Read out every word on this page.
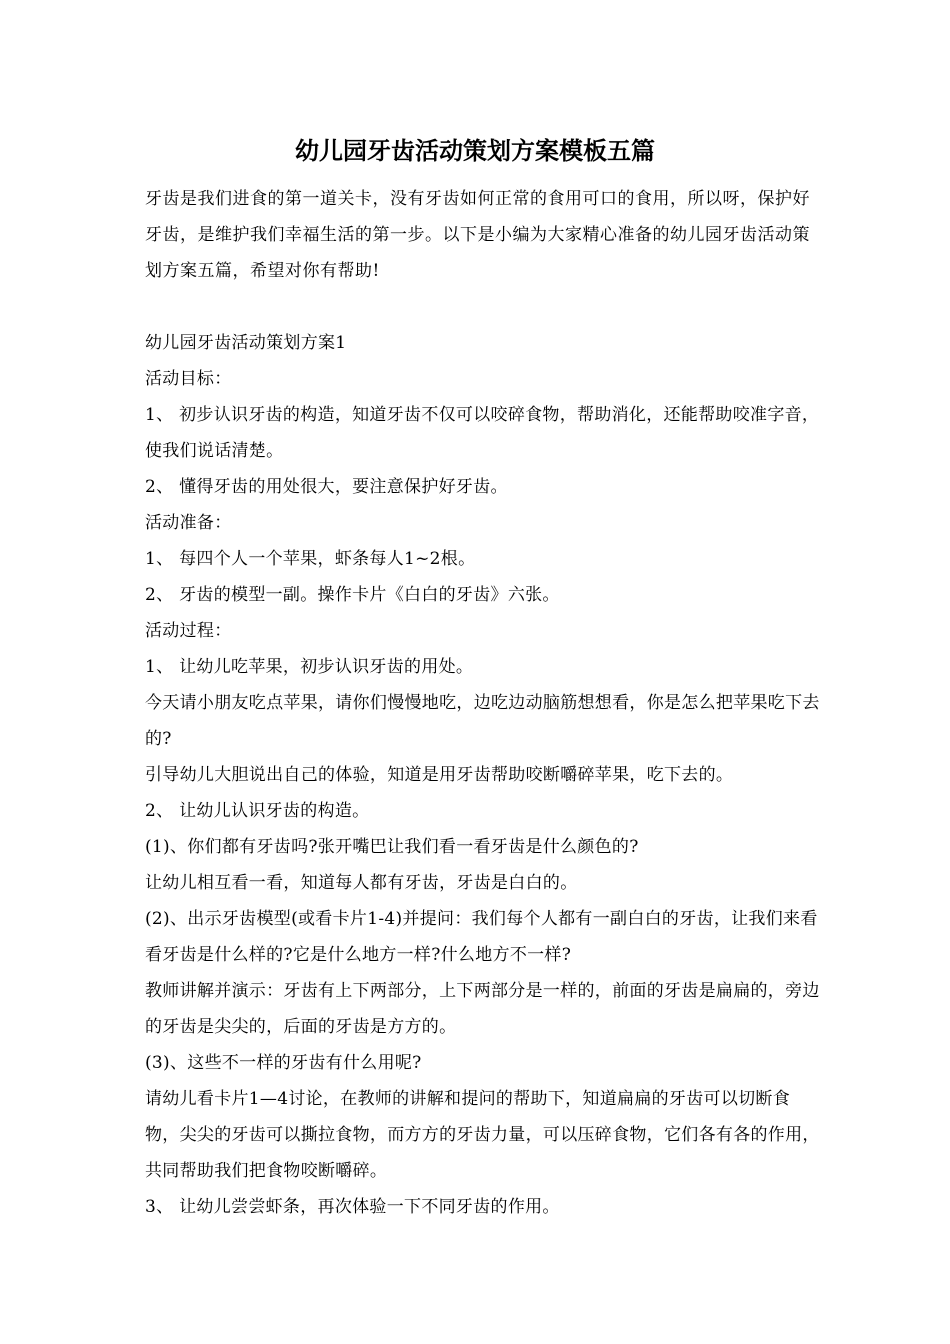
幼儿园牙齿活动策划方案模板五篇

牙齿是我们进食的第一道关卡，没有牙齿如何正常的食用可口的食用，所以呀，保护好牙齿，是维护我们幸福生活的第一步。以下是小编为大家精心准备的幼儿园牙齿活动策划方案五篇，希望对你有帮助!

幼儿园牙齿活动策划方案1

活动目标：

1、 初步认识牙齿的构造，知道牙齿不仅可以咬碎食物，帮助消化，还能帮助咬准字音，使我们说话清楚。

2、 懂得牙齿的用处很大，要注意保护好牙齿。

活动准备：

1、 每四个人一个苹果，虾条每人1~2根。

2、 牙齿的模型一副。操作卡片《白白的牙齿》六张。

活动过程：

1、 让幼儿吃苹果，初步认识牙齿的用处。

今天请小朋友吃点苹果，请你们慢慢地吃，边吃边动脑筋想想看，你是怎么把苹果吃下去的?

引导幼儿大胆说出自己的体验，知道是用牙齿帮助咬断嚼碎苹果，吃下去的。

2、 让幼儿认识牙齿的构造。

(1)、你们都有牙齿吗?张开嘴巴让我们看一看牙齿是什么颜色的?

让幼儿相互看一看，知道每人都有牙齿，牙齿是白白的。

(2)、出示牙齿模型(或看卡片1-4)并提问：我们每个人都有一副白白的牙齿，让我们来看看牙齿是什么样的?它是什么地方一样?什么地方不一样?

教师讲解并演示：牙齿有上下两部分，上下两部分是一样的，前面的牙齿是扁扁的，旁边的牙齿是尖尖的，后面的牙齿是方方的。

(3)、这些不一样的牙齿有什么用呢?

请幼儿看卡片1—4讨论，在教师的讲解和提问的帮助下，知道扁扁的牙齿可以切断食物，尖尖的牙齿可以撕拉食物，而方方的牙齿力量，可以压碎食物，它们各有各的作用，共同帮助我们把食物咬断嚼碎。

3、 让幼儿尝尝虾条，再次体验一下不同牙齿的作用。
